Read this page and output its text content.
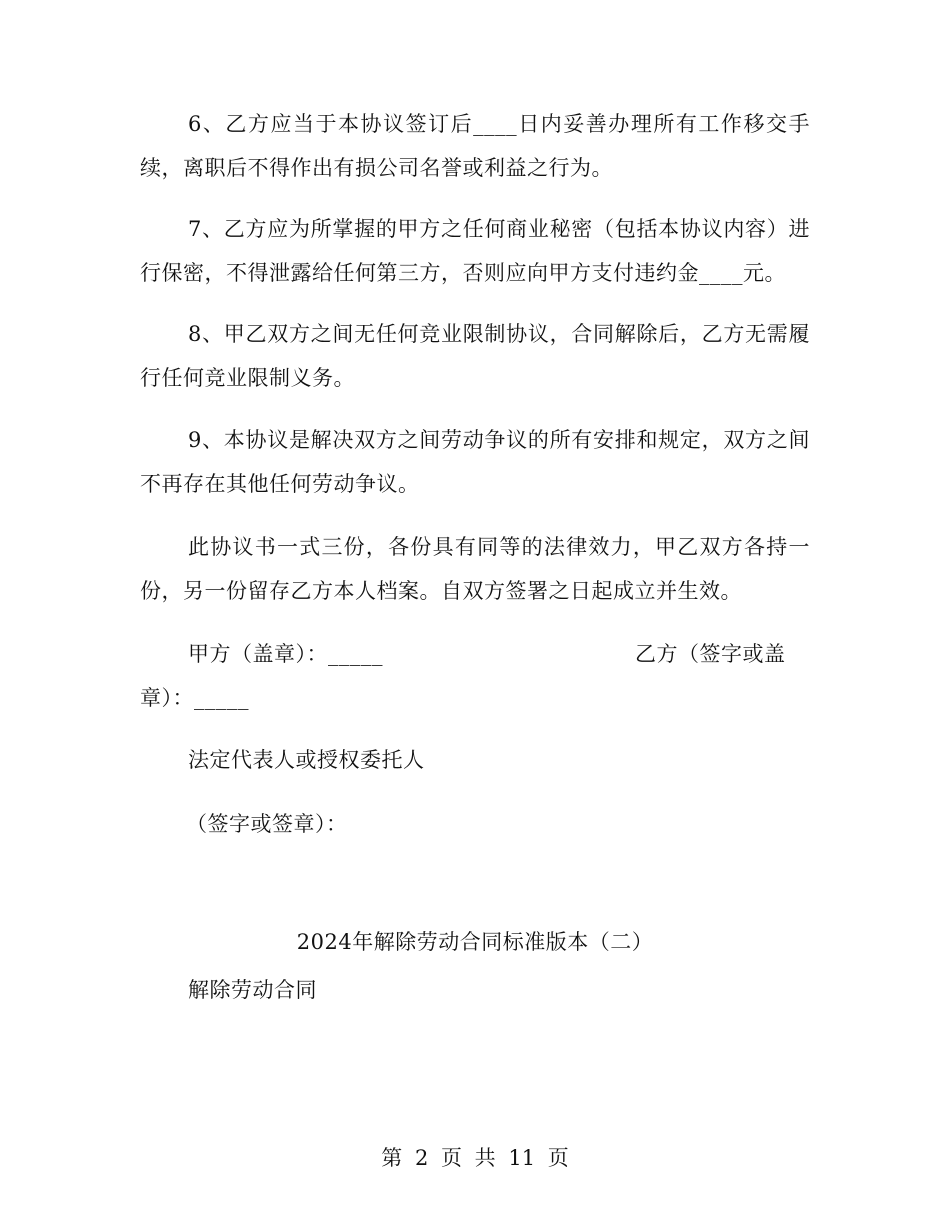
6、乙方应当于本协议签订后____日内妥善办理所有工作移交手续，离职后不得作出有损公司名誉或利益之行为。

7、乙方应为所掌握的甲方之任何商业秘密（包括本协议内容）进行保密，不得泄露给任何第三方，否则应向甲方支付违约金____元。

8、甲乙双方之间无任何竞业限制协议，合同解除后，乙方无需履行任何竞业限制义务。

9、本协议是解决双方之间劳动争议的所有安排和规定，双方之间不再存在其他任何劳动争议。

此协议书一式三份，各份具有同等的法律效力，甲乙双方各持一份，另一份留存乙方本人档案。自双方签署之日起成立并生效。

甲方（盖章）：_____	乙方（签字或盖
章）：_____

法定代表人或授权委托人

（签字或签章）：

2024年解除劳动合同标准版本（二）

解除劳动合同

第 2 页 共 11 页
